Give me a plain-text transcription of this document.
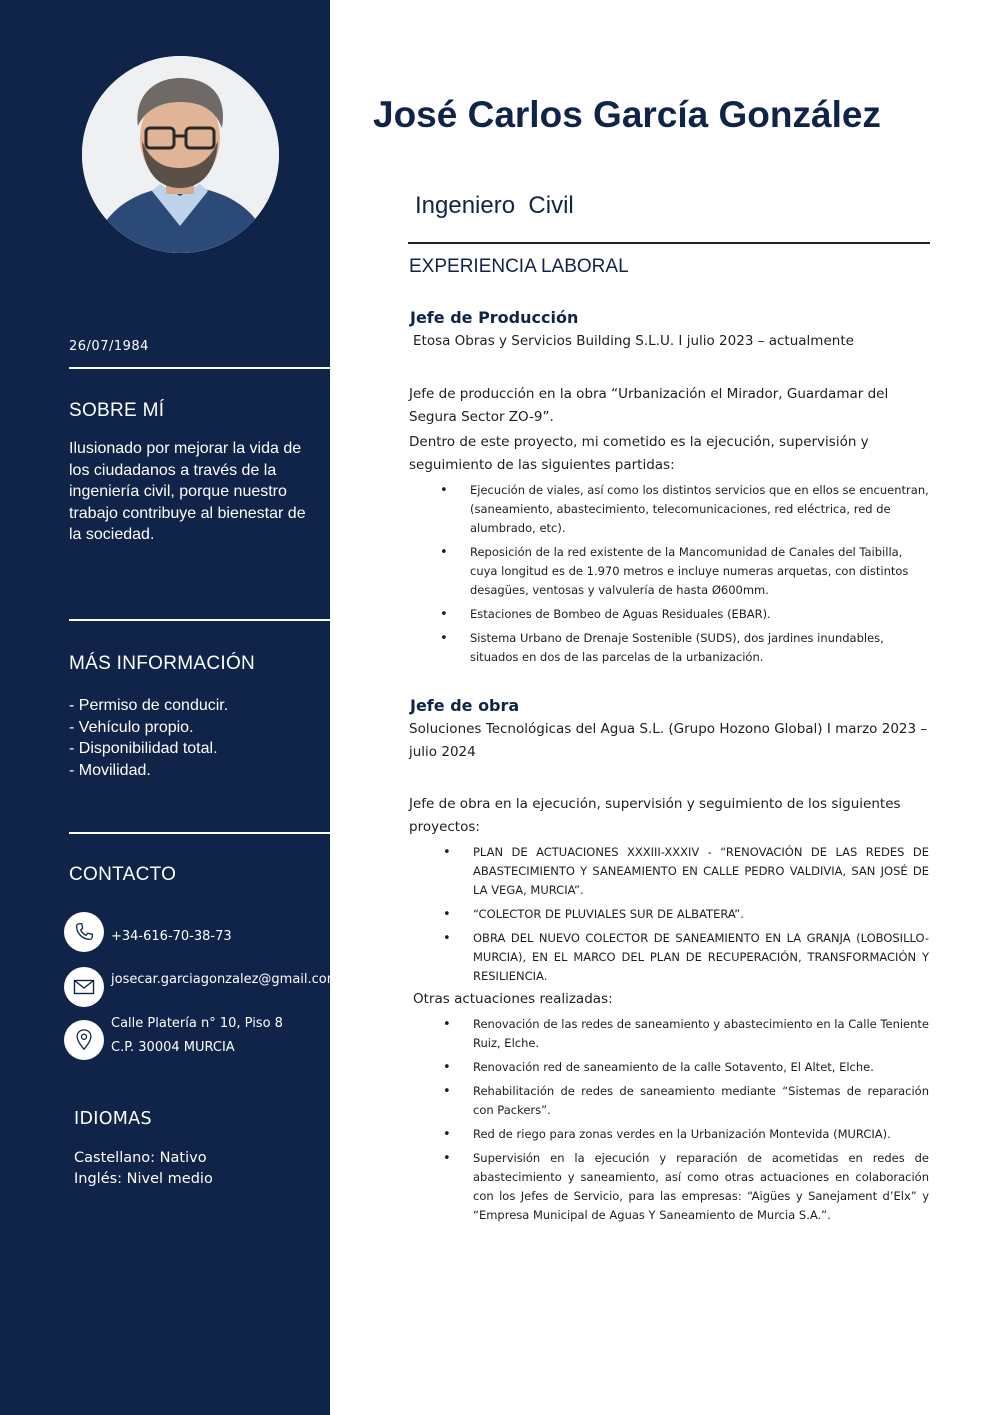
26/07/1984
SOBRE MÍ
Ilusionado por mejorar la vida de los ciudadanos a través de la ingeniería civil, porque nuestro trabajo contribuye al bienestar de la sociedad.
MÁS INFORMACIÓN
- Permiso de conducir.
- Vehículo propio.
- Disponibilidad total.
- Movilidad.
CONTACTO
+34-616-70-38-73
josecar.garciagonzalez@gmail.com
Calle Platería n° 10, Piso 8
C.P. 30004 MURCIA
IDIOMAS
Castellano: Nativo
Inglés: Nivel medio
José Carlos García González
Ingeniero  Civil
EXPERIENCIA LABORAL
Jefe de Producción
Etosa Obras y Servicios Building S.L.U. I julio 2023 – actualmente
Jefe de producción en la obra “Urbanización el Mirador, Guardamar del Segura Sector ZO-9”.
Dentro de este proyecto, mi cometido es la ejecución, supervisión y seguimiento de las siguientes partidas:
• Ejecución de viales, así como los distintos servicios que en ellos se encuentran, (saneamiento, abastecimiento, telecomunicaciones, red eléctrica, red de alumbrado, etc).
• Reposición de la red existente de la Mancomunidad de Canales del Taibilla, cuya longitud es de 1.970 metros e incluye numeras arquetas, con distintos desagües, ventosas y valvulería de hasta Ø600mm.
• Estaciones de Bombeo de Aguas Residuales (EBAR).
• Sistema Urbano de Drenaje Sostenible (SUDS), dos jardines inundables, situados en dos de las parcelas de la urbanización.
Jefe de obra
Soluciones Tecnológicas del Agua S.L. (Grupo Hozono Global) I marzo 2023 – julio 2024
Jefe de obra en la ejecución, supervisión y seguimiento de los siguientes proyectos:
• PLAN DE ACTUACIONES XXXIII-XXXIV - “RENOVACIÓN DE LAS REDES DE ABASTECIMIENTO Y SANEAMIENTO EN CALLE PEDRO VALDIVIA, SAN JOSÉ DE LA VEGA, MURCIA”.
• “COLECTOR DE PLUVIALES SUR DE ALBATERA”.
• OBRA DEL NUEVO COLECTOR DE SANEAMIENTO EN LA GRANJA (LOBOSILLO-MURCIA), EN EL MARCO DEL PLAN DE RECUPERACIÓN, TRANSFORMACIÓN Y RESILIENCIA.
Otras actuaciones realizadas:
• Renovación de las redes de saneamiento y abastecimiento en la Calle Teniente Ruiz, Elche.
• Renovación red de saneamiento de la calle Sotavento, El Altet, Elche.
• Rehabilitación de redes de saneamiento mediante “Sistemas de reparación con Packers”.
• Red de riego para zonas verdes en la Urbanización Montevida (MURCIA).
• Supervisión en la ejecución y reparación de acometidas en redes de abastecimiento y saneamiento, así como otras actuaciones en colaboración con los Jefes de Servicio, para las empresas: “Aigües y Sanejament d’Elx” y “Empresa Municipal de Aguas Y Saneamiento de Murcia S.A.”.
